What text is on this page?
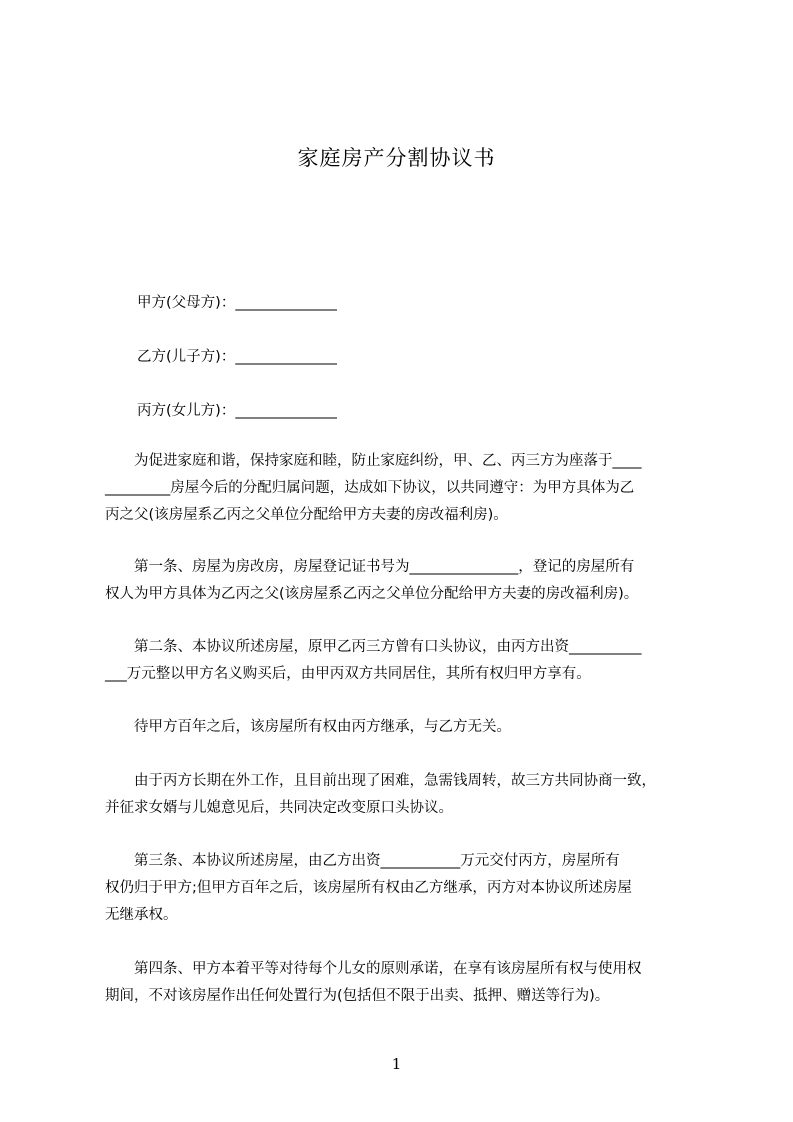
家庭房产分割协议书
甲方(父母方)：______________
乙方(儿子方)：______________
丙方(女儿方)：______________
　　为促进家庭和谐，保持家庭和睦，防止家庭纠纷，甲、乙、丙三方为座落于____
_________房屋今后的分配归属问题，达成如下协议，以共同遵守：为甲方具体为乙
丙之父(该房屋系乙丙之父单位分配给甲方夫妻的房改福利房)。
　　第一条、房屋为房改房，房屋登记证书号为_______________，登记的房屋所有
权人为甲方具体为乙丙之父(该房屋系乙丙之父单位分配给甲方夫妻的房改福利房)。
　　第二条、本协议所述房屋，原甲乙丙三方曾有口头协议，由丙方出资__________
___万元整以甲方名义购买后，由甲丙双方共同居住，其所有权归甲方享有。
　　待甲方百年之后，该房屋所有权由丙方继承，与乙方无关。
　　由于丙方长期在外工作，且目前出现了困难，急需钱周转，故三方共同协商一致，
并征求女婿与儿媳意见后，共同决定改变原口头协议。
　　第三条、本协议所述房屋，由乙方出资___________万元交付丙方，房屋所有
权仍归于甲方;但甲方百年之后，该房屋所有权由乙方继承，丙方对本协议所述房屋
无继承权。
　　第四条、甲方本着平等对待每个儿女的原则承诺，在享有该房屋所有权与使用权
期间，不对该房屋作出任何处置行为(包括但不限于出卖、抵押、赠送等行为)。
1
